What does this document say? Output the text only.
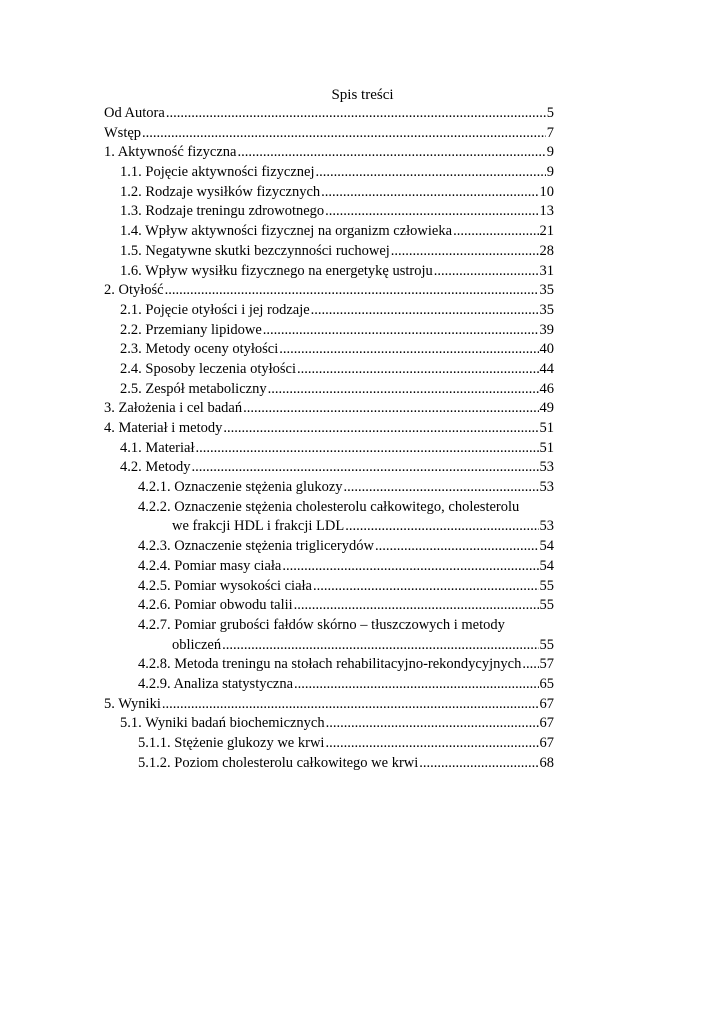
Spis treści
Od Autora .....	5
Wstęp .....	7
1. Aktywność fizyczna .....	9
1.1. Pojęcie aktywności fizycznej .....	9
1.2. Rodzaje wysiłków fizycznych .....	10
1.3. Rodzaje treningu zdrowotnego .....	13
1.4. Wpływ aktywności fizycznej na organizm człowieka .....	21
1.5. Negatywne skutki bezczynności ruchowej .....	28
1.6. Wpływ wysiłku fizycznego na energetykę ustroju .....	31
2. Otyłość .....	35
2.1. Pojęcie otyłości i jej rodzaje .....	35
2.2. Przemiany lipidowe .....	39
2.3. Metody oceny otyłości .....	40
2.4. Sposoby leczenia otyłości .....	44
2.5. Zespół metaboliczny .....	46
3. Założenia i cel badań .....	49
4. Materiał i metody .....	51
4.1. Materiał .....	51
4.2. Metody .....	53
4.2.1. Oznaczenie stężenia glukozy .....	53
4.2.2. Oznaczenie stężenia cholesterolu całkowitego, cholesterolu
we frakcji HDL i frakcji LDL .....	53
4.2.3. Oznaczenie stężenia triglicerydów .....	54
4.2.4. Pomiar masy ciała .....	54
4.2.5. Pomiar wysokości ciała .....	55
4.2.6. Pomiar obwodu talii .....	55
4.2.7. Pomiar grubości fałdów skórno – tłuszczowych i metody
obliczeń .....	55
4.2.8. Metoda treningu na stołach rehabilitacyjno-rekondycyjnych ..... 57
4.2.9. Analiza statystyczna .....	65
5. Wyniki .....	67
5.1. Wyniki badań biochemicznych .....	67
5.1.1. Stężenie glukozy we krwi .....	67
5.1.2. Poziom cholesterolu całkowitego we krwi .....	68
